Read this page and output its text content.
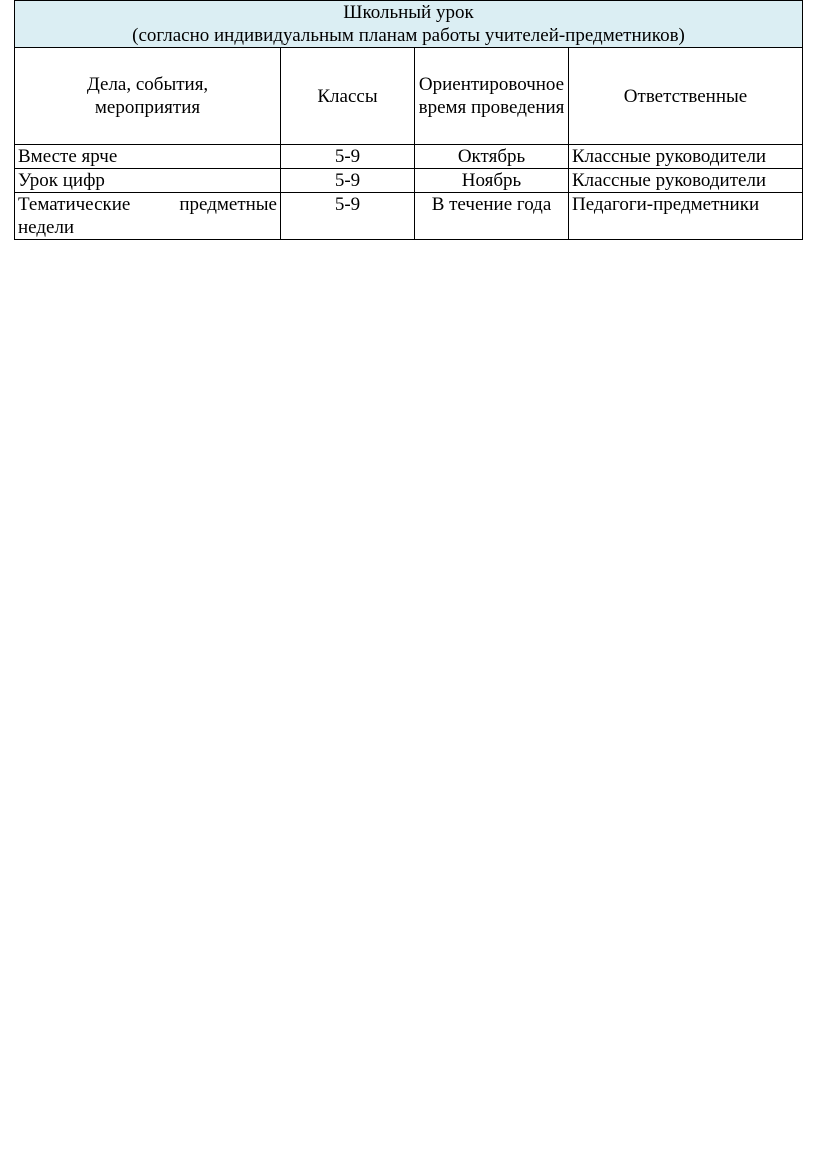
Школьный урок
(согласно индивидуальным планам работы учителей-предметников)			

Дела, события, мероприятия	Классы	Ориентировочное время проведения	Ответственные
Вместе ярче	5-9	Октябрь	Классные руководители
Урок цифр	5-9	Ноябрь	Классные руководители
Тематические предметные недели	5-9	В течение года	Педагоги-предметники
